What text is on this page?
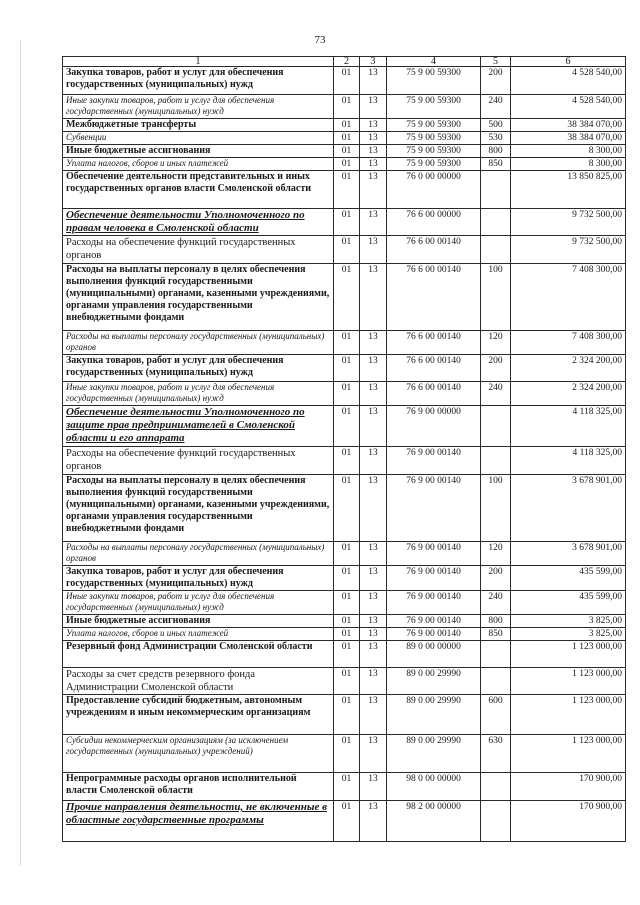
73
1	2	3	4	5	6
Закупка товаров, работ и услуг для обеспечения государственных (муниципальных) нужд	01	13	75 9 00 59300	200	4 528 540,00
Иные закупки товаров, работ и услуг для обеспечения государственных (муниципальных) нужд	01	13	75 9 00 59300	240	4 528 540,00
Межбюджетные трансферты	01	13	75 9 00 59300	500	38 384 070,00
Субвенции	01	13	75 9 00 59300	530	38 384 070,00
Иные бюджетные ассигнования	01	13	75 9 00 59300	800	8 300,00
Уплата налогов, сборов и иных платежей	01	13	75 9 00 59300	850	8 300,00
Обеспечение деятельности представительных и иных государственных органов власти Смоленской области	01	13	76 0 00 00000		13 850 825,00
Обеспечение деятельности Уполномоченного по правам человека в Смоленской области	01	13	76 6 00 00000		9 732 500,00
Расходы на обеспечение функций государственных органов	01	13	76 6 00 00140		9 732 500,00
Расходы на выплаты персоналу в целях обеспечения выполнения функций государственными (муниципальными) органами, казенными учреждениями, органами управления государственными внебюджетными фондами	01	13	76 6 00 00140	100	7 408 300,00
Расходы на выплаты персоналу государственных (муниципальных) органов	01	13	76 6 00 00140	120	7 408 300,00
Закупка товаров, работ и услуг для обеспечения государственных (муниципальных) нужд	01	13	76 6 00 00140	200	2 324 200,00
Иные закупки товаров, работ и услуг для обеспечения государственных (муниципальных) нужд	01	13	76 6 00 00140	240	2 324 200,00
Обеспечение деятельности Уполномоченного по защите прав предпринимателей в Смоленской области и его аппарата	01	13	76 9 00 00000		4 118 325,00
Расходы на обеспечение функций государственных органов	01	13	76 9 00 00140		4 118 325,00
Расходы на выплаты персоналу в целях обеспечения выполнения функций государственными (муниципальными) органами, казенными учреждениями, органами управления государственными внебюджетными фондами	01	13	76 9 00 00140	100	3 678 901,00
Расходы на выплаты персоналу государственных (муниципальных) органов	01	13	76 9 00 00140	120	3 678 901,00
Закупка товаров, работ и услуг для обеспечения государственных (муниципальных) нужд	01	13	76 9 00 00140	200	435 599,00
Иные закупки товаров, работ и услуг для обеспечения государственных (муниципальных) нужд	01	13	76 9 00 00140	240	435 599,00
Иные бюджетные ассигнования	01	13	76 9 00 00140	800	3 825,00
Уплата налогов, сборов и иных платежей	01	13	76 9 00 00140	850	3 825,00
Резервный фонд Администрации Смоленской области	01	13	89 0 00 00000		1 123 000,00
Расходы за счет средств резервного фонда Администрации Смоленской области	01	13	89 0 00 29990		1 123 000,00
Предоставление субсидий бюджетным, автономным учреждениям и иным некоммерческим организациям	01	13	89 0 00 29990	600	1 123 000,00
Субсидии некоммерческим организациям (за исключением государственных (муниципальных) учреждений)	01	13	89 0 00 29990	630	1 123 000,00
Непрограммные расходы органов исполнительной власти Смоленской области	01	13	98 0 00 00000		170 900,00
Прочие направления деятельности, не включенные в областные государственные программы	01	13	98 2 00 00000		170 900,00
